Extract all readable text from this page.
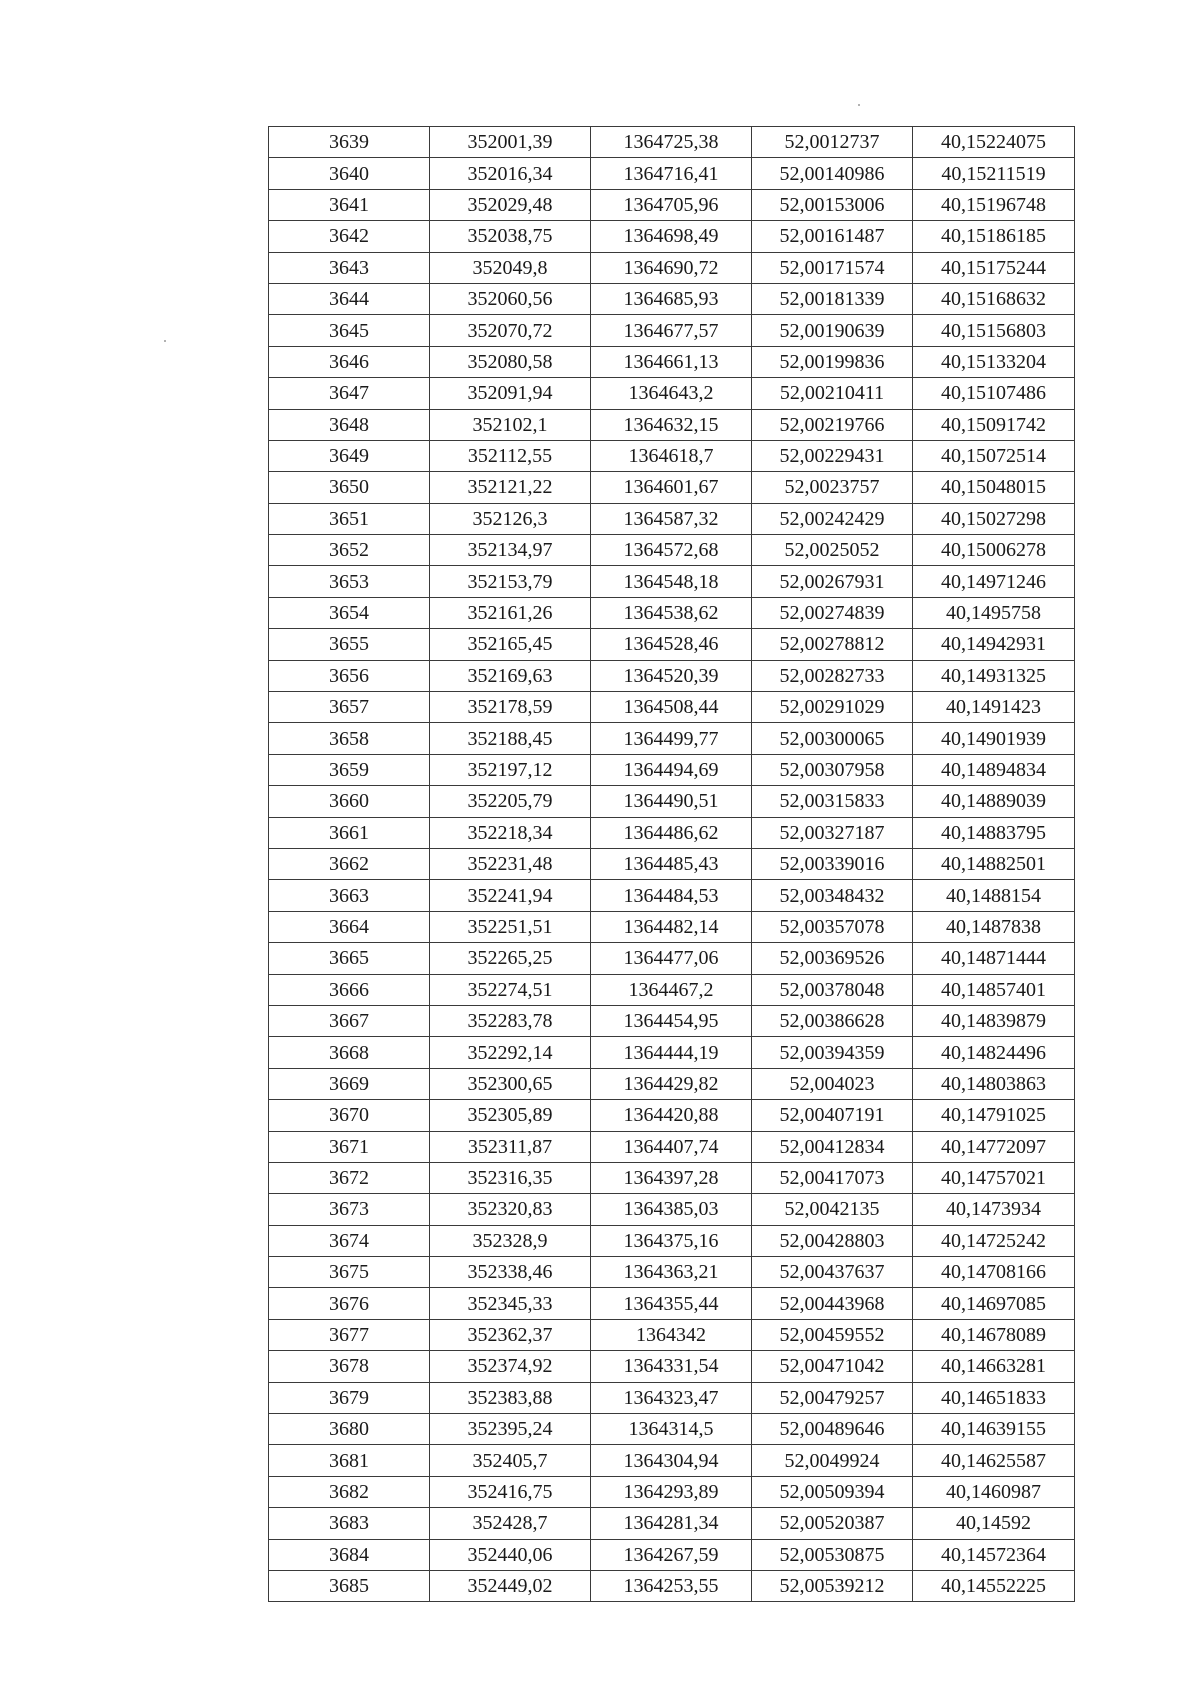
3639	352001,39	1364725,38	52,0012737	40,15224075
3640	352016,34	1364716,41	52,00140986	40,15211519
3641	352029,48	1364705,96	52,00153006	40,15196748
3642	352038,75	1364698,49	52,00161487	40,15186185
3643	352049,8	1364690,72	52,00171574	40,15175244
3644	352060,56	1364685,93	52,00181339	40,15168632
3645	352070,72	1364677,57	52,00190639	40,15156803
3646	352080,58	1364661,13	52,00199836	40,15133204
3647	352091,94	1364643,2	52,00210411	40,15107486
3648	352102,1	1364632,15	52,00219766	40,15091742
3649	352112,55	1364618,7	52,00229431	40,15072514
3650	352121,22	1364601,67	52,0023757	40,15048015
3651	352126,3	1364587,32	52,00242429	40,15027298
3652	352134,97	1364572,68	52,0025052	40,15006278
3653	352153,79	1364548,18	52,00267931	40,14971246
3654	352161,26	1364538,62	52,00274839	40,1495758
3655	352165,45	1364528,46	52,00278812	40,14942931
3656	352169,63	1364520,39	52,00282733	40,14931325
3657	352178,59	1364508,44	52,00291029	40,1491423
3658	352188,45	1364499,77	52,00300065	40,14901939
3659	352197,12	1364494,69	52,00307958	40,14894834
3660	352205,79	1364490,51	52,00315833	40,14889039
3661	352218,34	1364486,62	52,00327187	40,14883795
3662	352231,48	1364485,43	52,00339016	40,14882501
3663	352241,94	1364484,53	52,00348432	40,1488154
3664	352251,51	1364482,14	52,00357078	40,1487838
3665	352265,25	1364477,06	52,00369526	40,14871444
3666	352274,51	1364467,2	52,00378048	40,14857401
3667	352283,78	1364454,95	52,00386628	40,14839879
3668	352292,14	1364444,19	52,00394359	40,14824496
3669	352300,65	1364429,82	52,004023	40,14803863
3670	352305,89	1364420,88	52,00407191	40,14791025
3671	352311,87	1364407,74	52,00412834	40,14772097
3672	352316,35	1364397,28	52,00417073	40,14757021
3673	352320,83	1364385,03	52,0042135	40,1473934
3674	352328,9	1364375,16	52,00428803	40,14725242
3675	352338,46	1364363,21	52,00437637	40,14708166
3676	352345,33	1364355,44	52,00443968	40,14697085
3677	352362,37	1364342	52,00459552	40,14678089
3678	352374,92	1364331,54	52,00471042	40,14663281
3679	352383,88	1364323,47	52,00479257	40,14651833
3680	352395,24	1364314,5	52,00489646	40,14639155
3681	352405,7	1364304,94	52,0049924	40,14625587
3682	352416,75	1364293,89	52,00509394	40,1460987
3683	352428,7	1364281,34	52,00520387	40,14592
3684	352440,06	1364267,59	52,00530875	40,14572364
3685	352449,02	1364253,55	52,00539212	40,14552225
